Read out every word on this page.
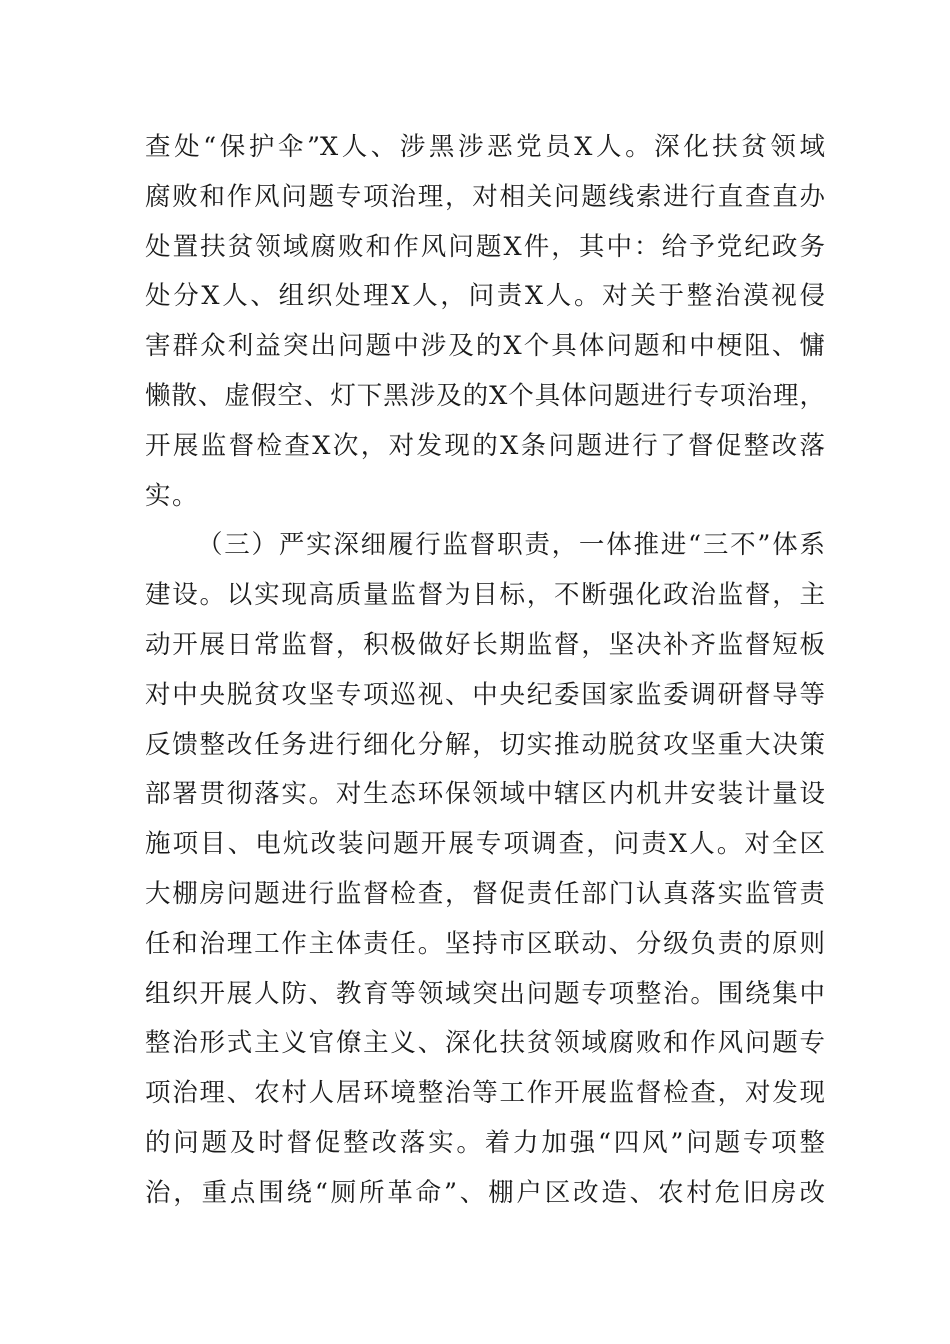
查处“保护伞”X人、涉黑涉恶党员X人。深化扶贫领域
腐败和作风问题专项治理，对相关问题线索进行直查直办
处置扶贫领域腐败和作风问题X件，其中：给予党纪政务
处分X人、组织处理X人，问责X人。对关于整治漠视侵
害群众利益突出问题中涉及的X个具体问题和中梗阻、慵
懒散、虚假空、灯下黑涉及的X个具体问题进行专项治理，
开展监督检查X次，对发现的X条问题进行了督促整改落
实。
（三）严实深细履行监督职责，一体推进“三不”体系
建设。以实现高质量监督为目标，不断强化政治监督，主
动开展日常监督，积极做好长期监督，坚决补齐监督短板
对中央脱贫攻坚专项巡视、中央纪委国家监委调研督导等
反馈整改任务进行细化分解，切实推动脱贫攻坚重大决策
部署贯彻落实。对生态环保领域中辖区内机井安装计量设
施项目、电炕改装问题开展专项调查，问责X人。对全区
大棚房问题进行监督检查，督促责任部门认真落实监管责
任和治理工作主体责任。坚持市区联动、分级负责的原则
组织开展人防、教育等领域突出问题专项整治。围绕集中
整治形式主义官僚主义、深化扶贫领域腐败和作风问题专
项治理、农村人居环境整治等工作开展监督检查，对发现
的问题及时督促整改落实。着力加强“四风”问题专项整
治，重点围绕“厕所革命”、棚户区改造、农村危旧房改
